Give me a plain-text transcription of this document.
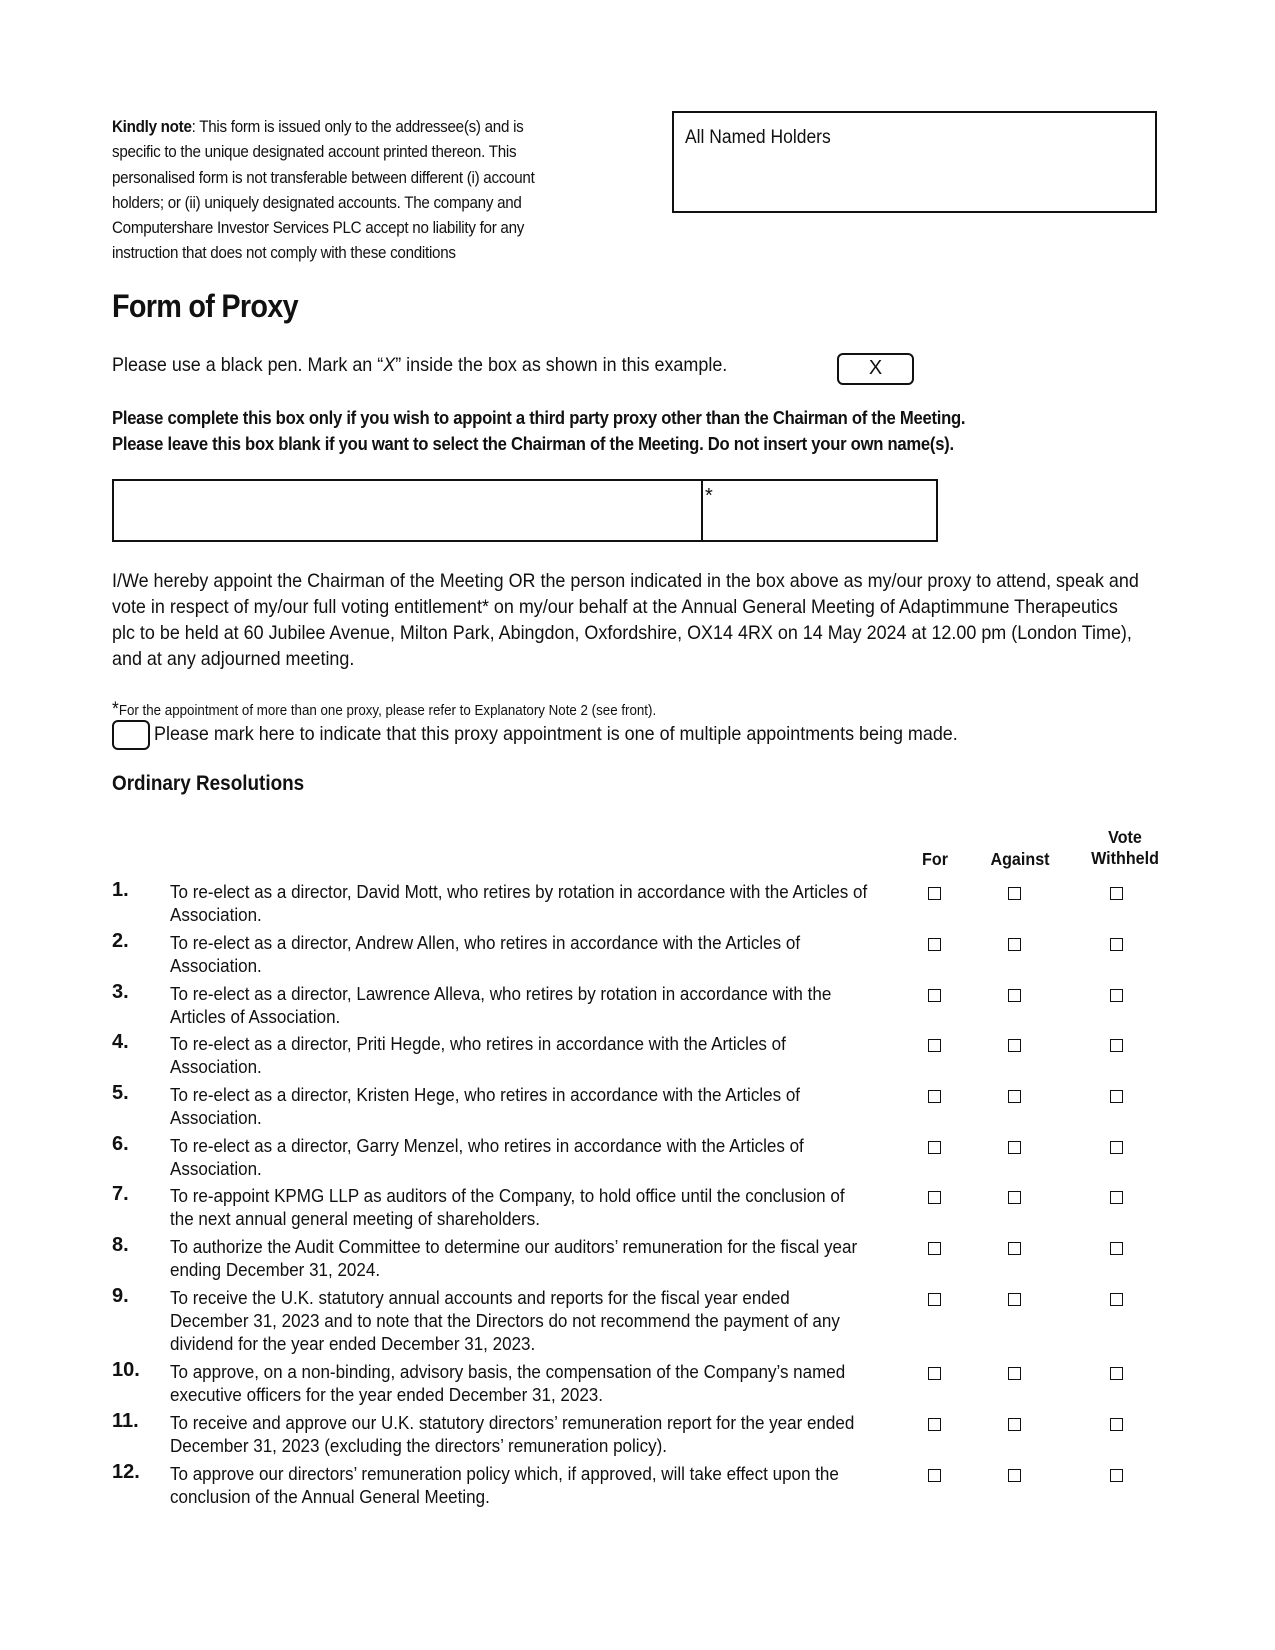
Kindly note: This form is issued only to the addressee(s) and is specific to the unique designated account printed thereon. This personalised form is not transferable between different (i) account holders; or (ii) uniquely designated accounts. The company and Computershare Investor Services PLC accept no liability for any instruction that does not comply with these conditions
All Named Holders
Form of Proxy
Please use a black pen. Mark an “X” inside the box as shown in this example.	X
Please complete this box only if you wish to appoint a third party proxy other than the Chairman of the Meeting.
Please leave this box blank if you want to select the Chairman of the Meeting. Do not insert your own name(s).
*
I/We hereby appoint the Chairman of the Meeting OR the person indicated in the box above as my/our proxy to attend, speak and vote in respect of my/our full voting entitlement* on my/our behalf at the Annual General Meeting of Adaptimmune Therapeutics plc to be held at 60 Jubilee Avenue, Milton Park, Abingdon, Oxfordshire, OX14 4RX on 14 May 2024 at 12.00 pm (London Time), and at any adjourned meeting.
*For the appointment of more than one proxy, please refer to Explanatory Note 2 (see front).
Please mark here to indicate that this proxy appointment is one of multiple appointments being made.
Ordinary Resolutions
For	Against
Vote
Withheld
1. To re-elect as a director, David Mott, who retires by rotation in accordance with the Articles of Association.
2. To re-elect as a director, Andrew Allen, who retires in accordance with the Articles of Association.
3. To re-elect as a director, Lawrence Alleva, who retires by rotation in accordance with the Articles of Association.
4. To re-elect as a director, Priti Hegde, who retires in accordance with the Articles of Association.
5. To re-elect as a director, Kristen Hege, who retires in accordance with the Articles of Association.
6. To re-elect as a director, Garry Menzel, who retires in accordance with the Articles of Association.
7. To re-appoint KPMG LLP as auditors of the Company, to hold office until the conclusion of the next annual general meeting of shareholders.
8. To authorize the Audit Committee to determine our auditors’ remuneration for the fiscal year ending December 31, 2024.
9. To receive the U.K. statutory annual accounts and reports for the fiscal year ended December 31, 2023 and to note that the Directors do not recommend the payment of any dividend for the year ended December 31, 2023.
10. To approve, on a non-binding, advisory basis, the compensation of the Company’s named executive officers for the year ended December 31, 2023.
11. To receive and approve our U.K. statutory directors’ remuneration report for the year ended December 31, 2023 (excluding the directors’ remuneration policy).
12. To approve our directors’ remuneration policy which, if approved, will take effect upon the conclusion of the Annual General Meeting.
